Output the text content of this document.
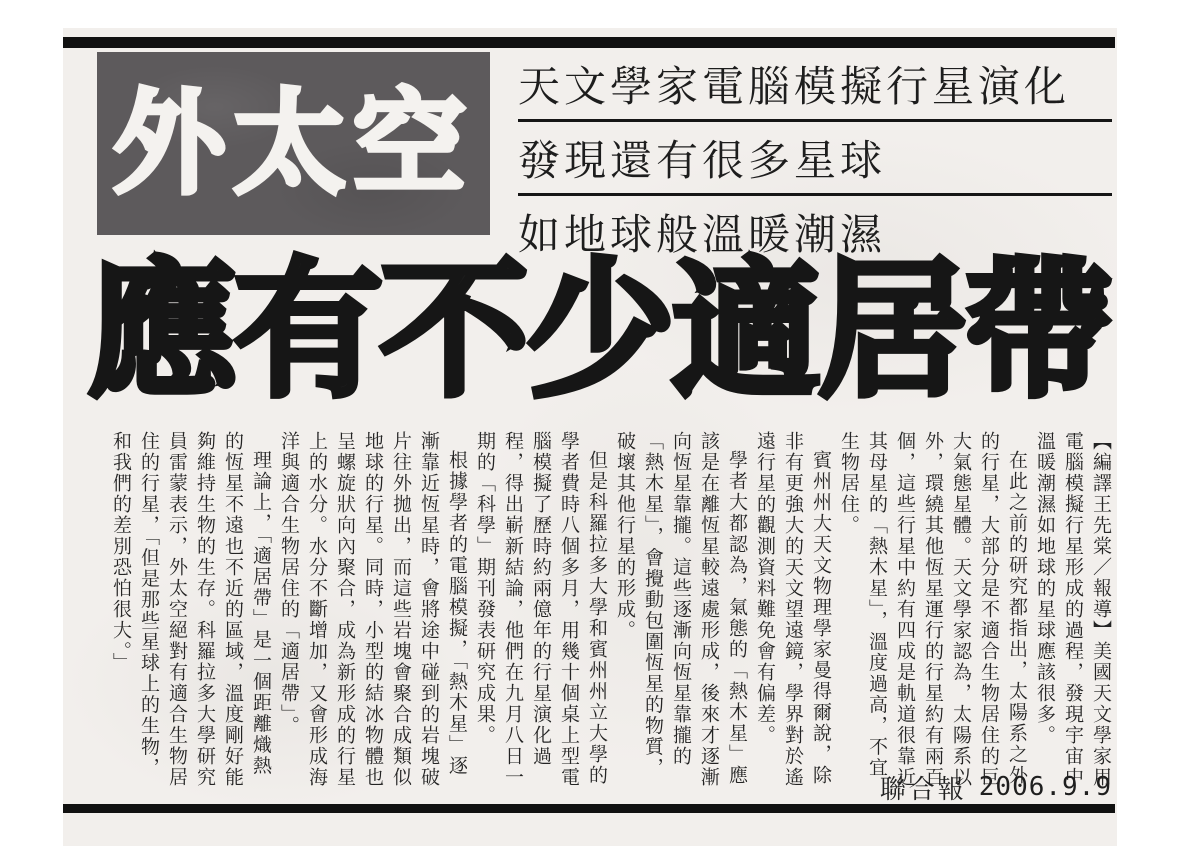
外太空 天文學家電腦模擬行星演化
發現還有很多星球
如地球般溫暖潮濕
應有不少適居帶

【編譯王先棠／報導】美國天文學家用電腦模擬行星形成的過程，發現宇宙中溫暖潮濕如地球的星球應該很多。

在此之前的研究都指出，太陽系之外的行星，大部分是不適合生物居住的巨大氣態星體。天文學家認為，太陽系以外，環繞其他恆星運行的行星約有兩百個，這些行星中約有四成是軌道很靠近其母星的「熱木星」，溫度過高，不宜生物居住。

賓州州大天文物理學家曼得爾說，除非有更強大的天文望遠鏡，學界對於遙遠行星的觀測資料難免會有偏差。

學者大都認為，氣態的「熱木星」應該是在離恆星較遠處形成，後來才逐漸向恆星靠攏。這些逐漸向恆星靠攏的「熱木星」，會攪動包圍恆星的物質，破壞其他行星的形成。

但是科羅拉多大學和賓州州立大學的學者費時八個多月，用幾十個桌上型電腦模擬了歷時約兩億年的行星演化過程，得出嶄新結論，他們在九月八日一期的「科學」期刊發表研究成果。

根據學者的電腦模擬，「熱木星」逐漸靠近恆星時，會將途中碰到的岩塊破片往外拋出，而這些岩塊會聚合成類似地球的行星。同時，小型的結冰物體也呈螺旋狀向內聚合，成為新形成的行星上的水分。水分不斷增加，又會形成海洋與適合生物居住的「適居帶」。

理論上，「適居帶」是一個距離熾熱的恆星不遠也不近的區域，溫度剛好能夠維持生物的生存。科羅拉多大學研究員雷蒙表示，外太空絕對有適合生物居住的行星，「但是那些星球上的生物，和我們的差別恐怕很大。」

聯合報 2006.9.9
